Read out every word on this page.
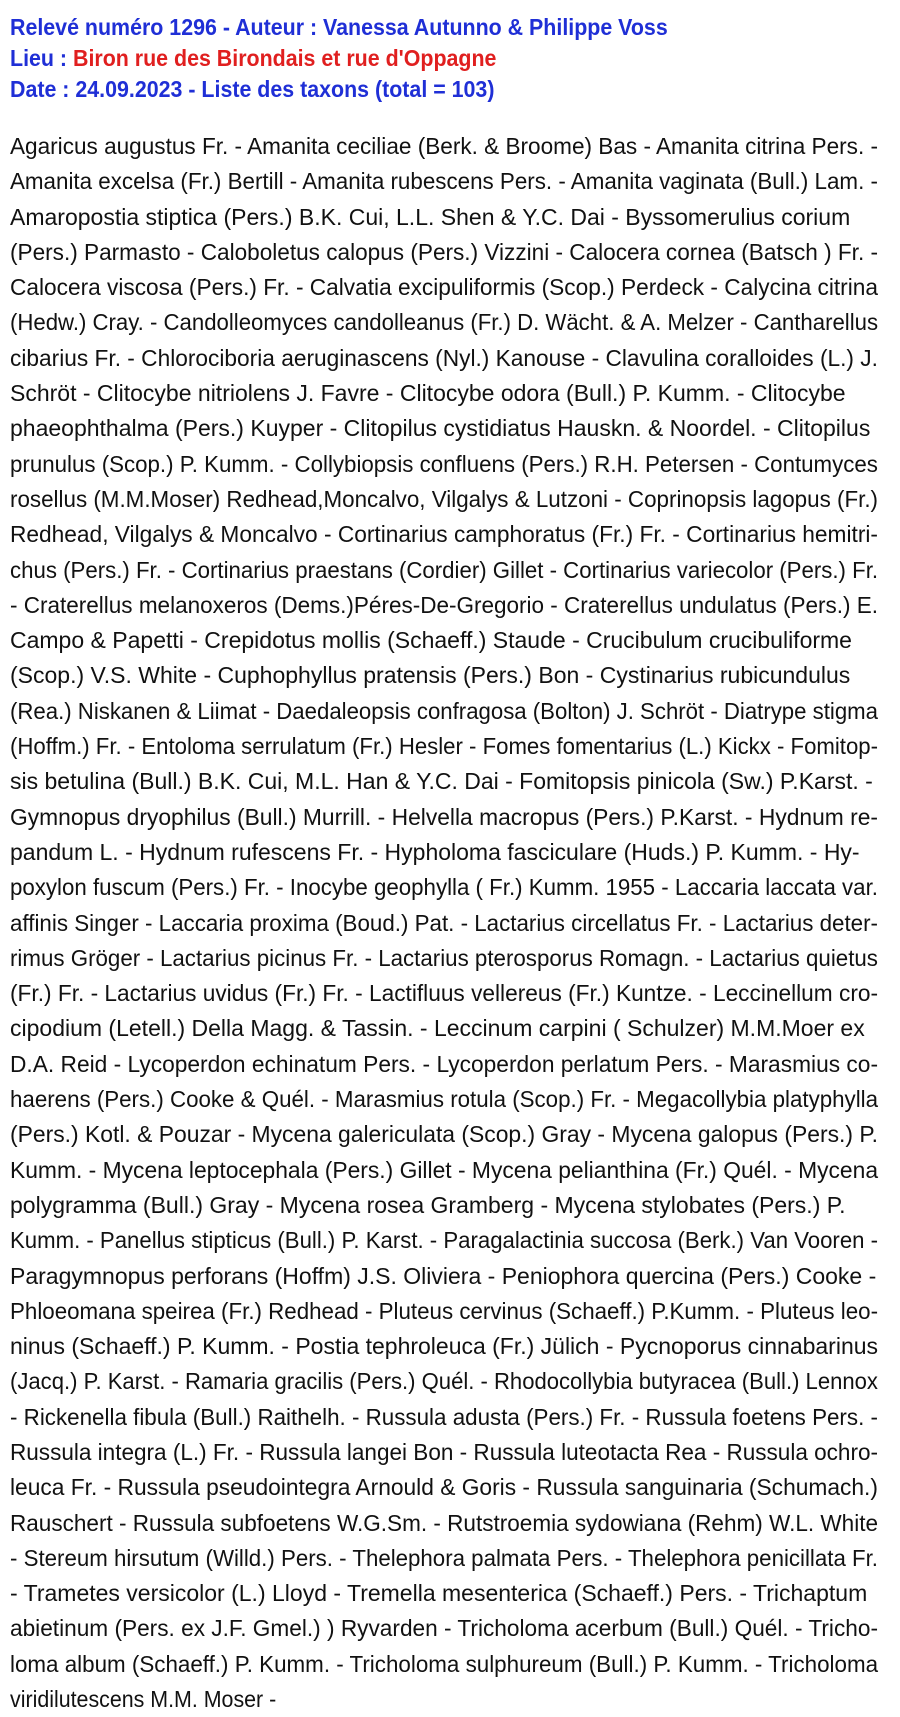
Relevé numéro 1296 - Auteur : Vanessa Autunno & Philippe Voss
Lieu : Biron rue des Birondais et rue d'Oppagne
Date : 24.09.2023 - Liste des taxons (total = 103)
Agaricus augustus Fr. - Amanita ceciliae (Berk. & Broome) Bas - Amanita citrina Pers. -
Amanita excelsa (Fr.) Bertill - Amanita rubescens Pers. - Amanita vaginata (Bull.) Lam. -
Amaropostia stiptica (Pers.) B.K. Cui, L.L. Shen & Y.C. Dai - Byssomerulius corium
(Pers.) Parmasto - Caloboletus calopus (Pers.) Vizzini - Calocera cornea (Batsch ) Fr. -
Calocera viscosa (Pers.) Fr. - Calvatia excipuliformis (Scop.) Perdeck - Calycina citrina
(Hedw.) Cray. - Candolleomyces candolleanus (Fr.) D. Wächt. & A. Melzer - Cantharellus
cibarius Fr. - Chlorociboria aeruginascens (Nyl.) Kanouse - Clavulina coralloides (L.) J.
Schröt - Clitocybe nitriolens J. Favre - Clitocybe odora (Bull.) P. Kumm. - Clitocybe
phaeophthalma (Pers.) Kuyper - Clitopilus cystidiatus Hauskn. & Noordel. - Clitopilus
prunulus (Scop.) P. Kumm. - Collybiopsis confluens (Pers.) R.H. Petersen - Contumyces
rosellus (M.M.Moser) Redhead,Moncalvo, Vilgalys & Lutzoni - Coprinopsis lagopus (Fr.)
Redhead, Vilgalys & Moncalvo - Cortinarius camphoratus (Fr.) Fr. - Cortinarius hemitri-
chus (Pers.) Fr. - Cortinarius praestans (Cordier) Gillet - Cortinarius variecolor (Pers.) Fr.
- Craterellus melanoxeros (Dems.)Péres-De-Gregorio - Craterellus undulatus (Pers.) E.
Campo & Papetti - Crepidotus mollis (Schaeff.) Staude - Crucibulum crucibuliforme
(Scop.) V.S. White - Cuphophyllus pratensis (Pers.) Bon - Cystinarius rubicundulus
(Rea.) Niskanen & Liimat - Daedaleopsis confragosa (Bolton) J. Schröt - Diatrype stigma
(Hoffm.) Fr. - Entoloma serrulatum (Fr.) Hesler - Fomes fomentarius (L.) Kickx - Fomitop-
sis betulina (Bull.) B.K. Cui, M.L. Han & Y.C. Dai - Fomitopsis pinicola (Sw.) P.Karst. -
Gymnopus dryophilus (Bull.) Murrill. - Helvella macropus (Pers.) P.Karst. - Hydnum re-
pandum L. - Hydnum rufescens Fr. - Hypholoma fasciculare (Huds.) P. Kumm. - Hy-
poxylon fuscum (Pers.) Fr. - Inocybe geophylla ( Fr.) Kumm. 1955 - Laccaria laccata var.
affinis Singer - Laccaria proxima (Boud.) Pat. - Lactarius circellatus Fr. - Lactarius deter-
rimus Gröger - Lactarius picinus Fr. - Lactarius pterosporus Romagn. - Lactarius quietus
(Fr.) Fr. - Lactarius uvidus (Fr.) Fr. - Lactifluus vellereus (Fr.) Kuntze. - Leccinellum cro-
cipodium (Letell.) Della Magg. & Tassin. - Leccinum carpini ( Schulzer) M.M.Moer ex
D.A. Reid - Lycoperdon echinatum Pers. - Lycoperdon perlatum Pers. - Marasmius co-
haerens (Pers.) Cooke & Quél. - Marasmius rotula (Scop.) Fr. - Megacollybia platyphylla
(Pers.) Kotl. & Pouzar - Mycena galericulata (Scop.) Gray - Mycena galopus (Pers.) P.
Kumm. - Mycena leptocephala (Pers.) Gillet - Mycena pelianthina (Fr.) Quél. - Mycena
polygramma (Bull.) Gray - Mycena rosea Gramberg - Mycena stylobates (Pers.) P.
Kumm. - Panellus stipticus (Bull.) P. Karst. - Paragalactinia succosa (Berk.) Van Vooren -
Paragymnopus perforans (Hoffm) J.S. Oliviera - Peniophora quercina (Pers.) Cooke -
Phloeomana speirea (Fr.) Redhead - Pluteus cervinus (Schaeff.) P.Kumm. - Pluteus leo-
ninus (Schaeff.) P. Kumm. - Postia tephroleuca (Fr.) Jülich - Pycnoporus cinnabarinus
(Jacq.) P. Karst. - Ramaria gracilis (Pers.) Quél. - Rhodocollybia butyracea (Bull.) Lennox
- Rickenella fibula (Bull.) Raithelh. - Russula adusta (Pers.) Fr. - Russula foetens Pers. -
Russula integra (L.) Fr. - Russula langei Bon - Russula luteotacta Rea - Russula ochro-
leuca Fr. - Russula pseudointegra Arnould & Goris - Russula sanguinaria (Schumach.)
Rauschert - Russula subfoetens W.G.Sm. - Rutstroemia sydowiana (Rehm) W.L. White
- Stereum hirsutum (Willd.) Pers. - Thelephora palmata Pers. - Thelephora penicillata Fr.
- Trametes versicolor (L.) Lloyd - Tremella mesenterica (Schaeff.) Pers. - Trichaptum
abietinum (Pers. ex J.F. Gmel.) ) Ryvarden - Tricholoma acerbum (Bull.) Quél. - Tricho-
loma album (Schaeff.) P. Kumm. - Tricholoma sulphureum (Bull.) P. Kumm. - Tricholoma
viridilutescens M.M. Moser -
